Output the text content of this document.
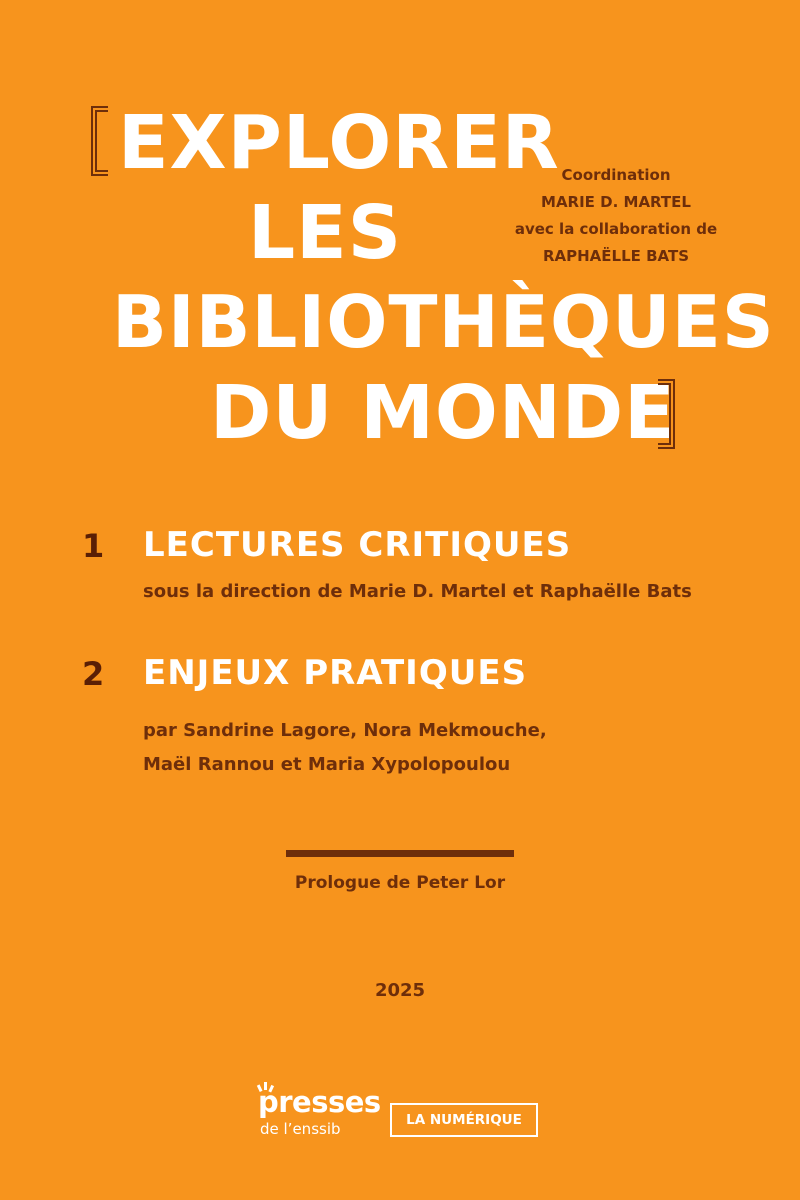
EXPLORER
LES
BIBLIOTHÈQUES
DU MONDE
Coordination
MARIE D. MARTEL
avec la collaboration de
RAPHAËLLE BATS
1 LECTURES CRITIQUES
sous la direction de Marie D. Martel et Raphaëlle Bats
2 ENJEUX PRATIQUES
par Sandrine Lagore, Nora Mekmouche,
Maël Rannou et Maria Xypolopoulou
Prologue de Peter Lor
2025
presses
de l’enssib	LA NUMÉRIQUE
